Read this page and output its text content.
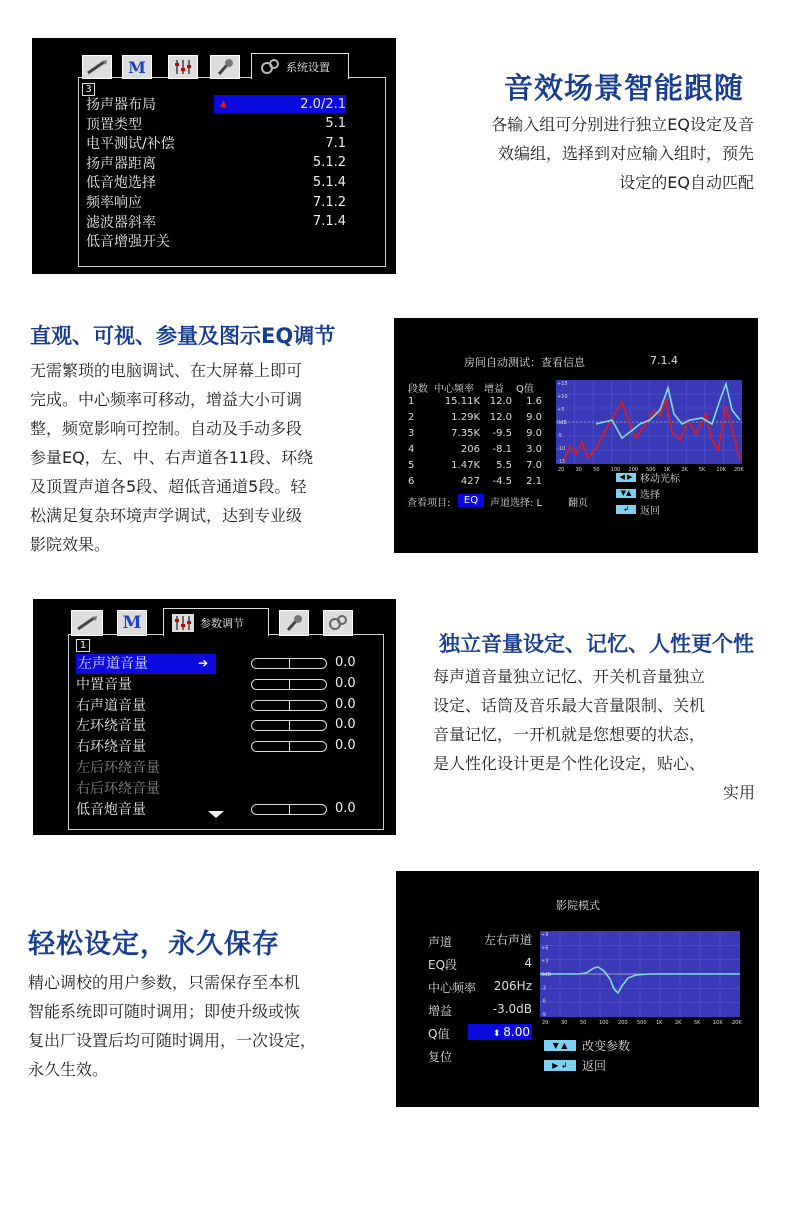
M	系统设置
3
扬声器布局	▲	2.0/2.1
顶置类型	5.1
电平测试/补偿	7.1
扬声器距离	5.1.2
低音炮选择	5.1.4
频率响应	7.1.2
滤波器斜率	7.1.4
低音增强开关
音效场景智能跟随
各输入组可分别进行独立EQ设定及音
效编组，选择到对应输入组时，预先
设定的EQ自动匹配
直观、可视、参量及图示EQ调节
无需繁琐的电脑调试、在大屏幕上即可
完成。中心频率可移动，增益大小可调
整，频宽影响可控制。自动及手动多段
参量EQ，左、中、右声道各11段、环绕
及顶置声道各5段、超低音通道5段。轻
松满足复杂环境声学调试，达到专业级
影院效果。
房间自动测试：查看信息	7.1.4
段数 中心频率	增益	Q值
1	15.11K 12.0	1.6
2	1.29K 12.0	9.0
3	7.35K	-9.5	9.0
4	206	-8.1	3.0
5	1.47K	5.5	7.0
6	427	-4.5	2.1
查看项目:	EQ	声道选择: L	翻页
+15
+10
+5
0dB
-5
-10
-15
20 30 50 100 200 500 1K 2K 5K 10K 20K
◀ ▶ 移动光标
▼▲ 选择
↲	返回
M	参数调节
1
左声道音量	➔	0.0
中置音量	0.0
右声道音量	0.0
左环绕音量	0.0
右环绕音量	0.0
左后环绕音量
右后环绕音量
低音炮音量	0.0
独立音量设定、记忆、人性更个性
每声道音量独立记忆、开关机音量独立
设定、话筒及音乐最大音量限制、关机
音量记忆，一开机就是您想要的状态，
是人性化设计更是个性化设定，贴心、
实用
轻松设定，永久保存
精心调校的用户参数，只需保存至本机
智能系统即可随时调用；即使升级或恢
复出厂设置后均可随时调用，一次设定，
永久生效。
影院模式
声道	左右声道
EQ段	4
中心频率	206Hz
增益	-3.0dB
Q值	⬍ 8.00
复位
+9
+6
+3
0dB
-3
-6
-9
20	30	50	100 200 500 1K	2K	5K	10K 20K
▼ ▲	改变参数
▶ ↲	返回
